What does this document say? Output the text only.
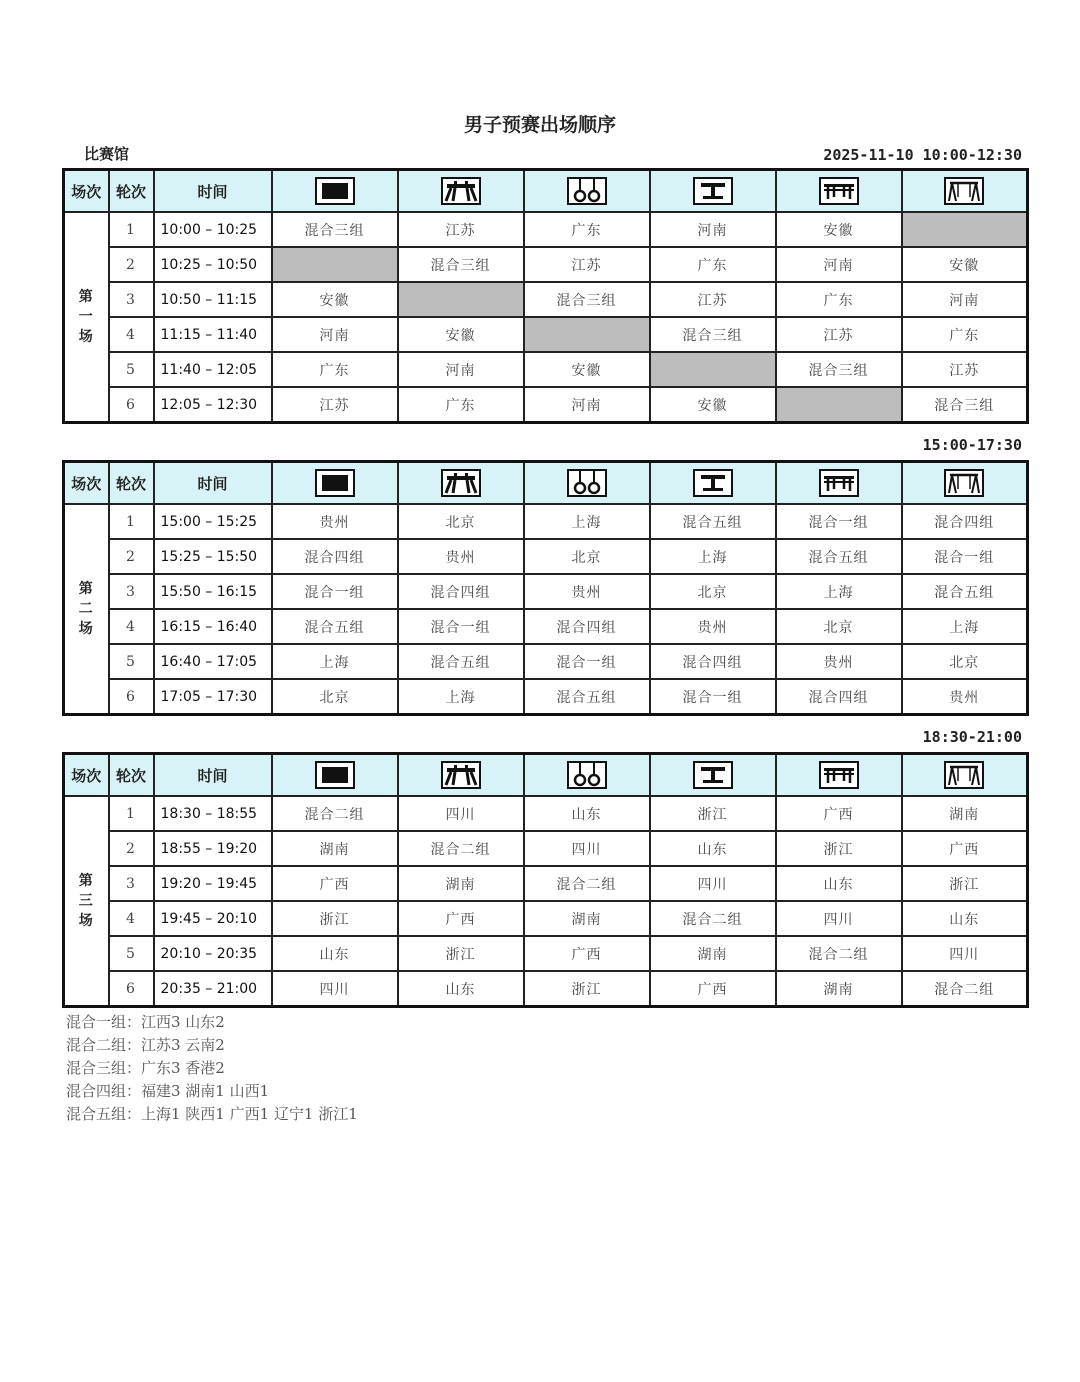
男子预赛出场顺序
比赛馆	2025-11-10 10:00-12:30
场次	轮次	时间	

第
一
场	1	10:00 – 10:25	混合三组	江苏	广东	河南	安徽	
	2	10:25 – 10:50		混合三组	江苏	广东	河南	安徽
	3	10:50 – 11:15	安徽		混合三组	江苏	广东	河南
	4	11:15 – 11:40	河南	安徽		混合三组	江苏	广东
	5	11:40 – 12:05	广东	河南	安徽		混合三组	江苏
	6	12:05 – 12:30	江苏	广东	河南	安徽		混合三组
15:00-17:30
场次	轮次	时间	

第
二
场	1	15:00 – 15:25	贵州	北京	上海	混合五组	混合一组	混合四组
	2	15:25 – 15:50	混合四组	贵州	北京	上海	混合五组	混合一组
	3	15:50 – 16:15	混合一组	混合四组	贵州	北京	上海	混合五组
	4	16:15 – 16:40	混合五组	混合一组	混合四组	贵州	北京	上海
	5	16:40 – 17:05	上海	混合五组	混合一组	混合四组	贵州	北京
	6	17:05 – 17:30	北京	上海	混合五组	混合一组	混合四组	贵州
18:30-21:00
场次	轮次	时间	

第
三
场	1	18:30 – 18:55	混合二组	四川	山东	浙江	广西	湖南
	2	18:55 – 19:20	湖南	混合二组	四川	山东	浙江	广西
	3	19:20 – 19:45	广西	湖南	混合二组	四川	山东	浙江
	4	19:45 – 20:10	浙江	广西	湖南	混合二组	四川	山东
	5	20:10 – 20:35	山东	浙江	广西	湖南	混合二组	四川
	6	20:35 – 21:00	四川	山东	浙江	广西	湖南	混合二组
混合一组：江西3 山东2
混合二组：江苏3 云南2
混合三组：广东3 香港2
混合四组：福建3 湖南1 山西1
混合五组：上海1 陕西1 广西1 辽宁1 浙江1
